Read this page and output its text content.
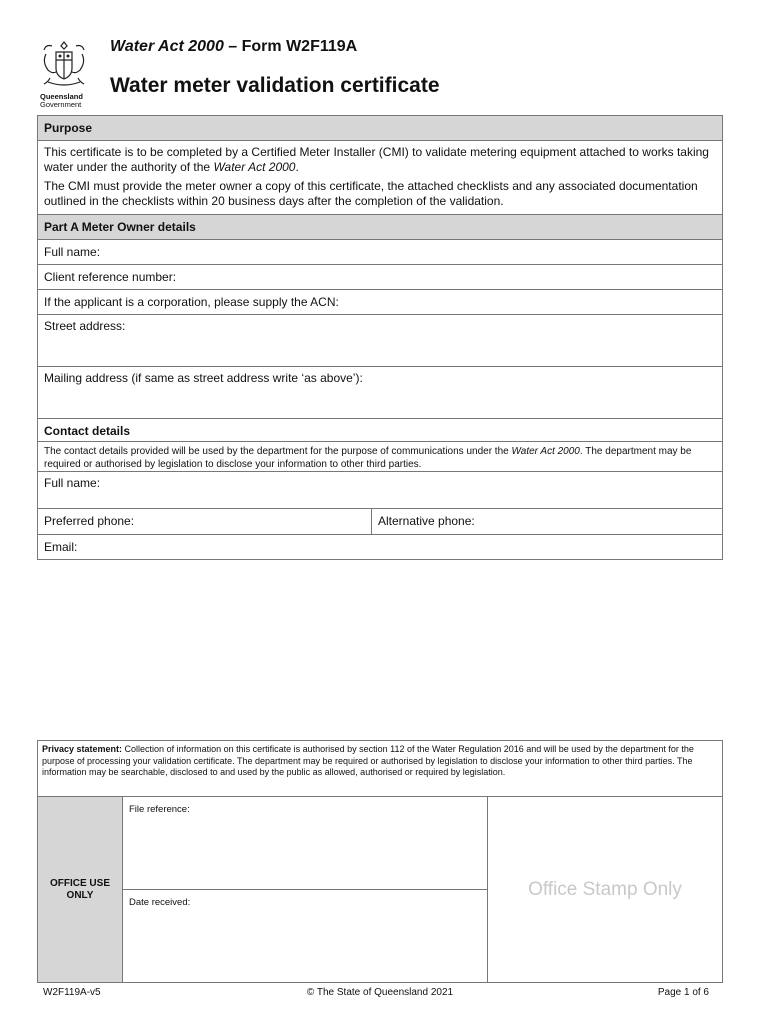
Queensland
Government
Water Act 2000 – Form W2F119A
Water meter validation certificate
Purpose

This certificate is to be completed by a Certified Meter Installer (CMI) to validate metering equipment attached to works taking water under the authority of the Water Act 2000.

The CMI must provide the meter owner a copy of this certificate, the attached checklists and any associated documentation outlined in the checklists within 20 business days after the completion of the validation.

Part A Meter Owner details
Full name:
Client reference number:
If the applicant is a corporation, please supply the ACN:
Street address:
Mailing address (if same as street address write ‘as above’):
Contact details
The contact details provided will be used by the department for the purpose of communications under the Water Act 2000. The department may be required or authorised by legislation to disclose your information to other third parties.
Full name:
Preferred phone:	Alternative phone:
Email:
Privacy statement: Collection of information on this certificate is authorised by section 112 of the Water Regulation 2016 and will be used by the department for the purpose of processing your validation certificate. The department may be required or authorised by legislation to disclose your information to other third parties. The information may be searchable, disclosed to and used by the public as allowed, authorised or required by legislation.
OFFICE USE
ONLY
File reference:
Date received:
Office Stamp Only
W2F119A-v5	© The State of Queensland 2021	Page 1 of 6
